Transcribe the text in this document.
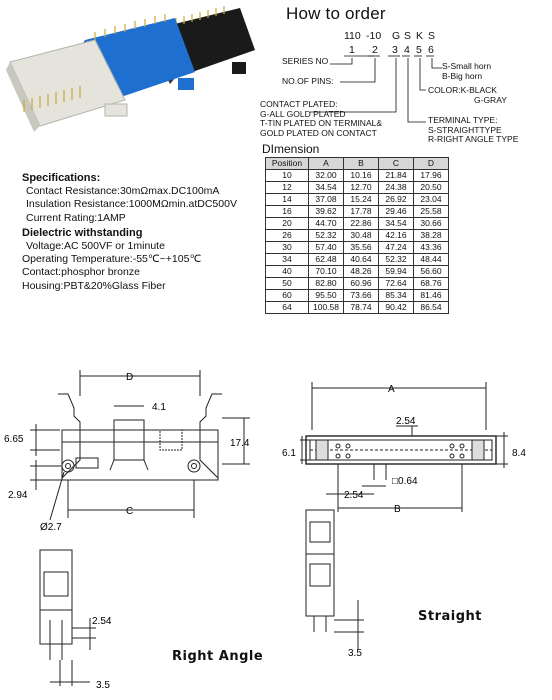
How to order
110 -10 G S K S
1 2 3 4 5 6
SERIES NO
NO.OF PINS:
CONTACT PLATED:
G-ALL GOLD PLATED
T-TIN PLATED ON TERMINAL&
GOLD PLATED ON CONTACT
S-Small horn
B-Big horn
COLOR:K-BLACK
G-GRAY
TERMINAL TYPE:
S-STRAIGHTTYPE
R-RIGHT ANGLE TYPE
Specifications:
Contact Resistance:30mΩmax.DC100mA
Insulation Resistance:1000MΩmin.atDC500V
Current Rating:1AMP
Dielectric withstanding
Voltage:AC 500VF or 1minute
Operating Temperature:-55℃~+105℃
Contact:phosphor bronze
Housing:PBT&20%Glass Fiber
DImension
Position	A	B	C	D
10	32.00	10.16	21.84	17.96
12	34.54	12.70	24.38	20.50
14	37.08	15.24	26.92	23.04
16	39.62	17.78	29.46	25.58
20	44.70	22.86	34.54	30.66
26	52.32	30.48	42.16	38.28
30	57.40	35.56	47.24	43.36
34	62.48	40.64	52.32	48.44
40	70.10	48.26	59.94	56.60
50	82.80	60.96	72.64	68.76
60	95.50	73.66	85.34	81.46
64	100.58	78.74	90.42	86.54
D
4.1
6.65	17.4
2.94
C
Ø2.7
2.54
3.5
Right Angle
A
2.54
6.1	8.4
□0.64
2.54
B
3.5
Straight
